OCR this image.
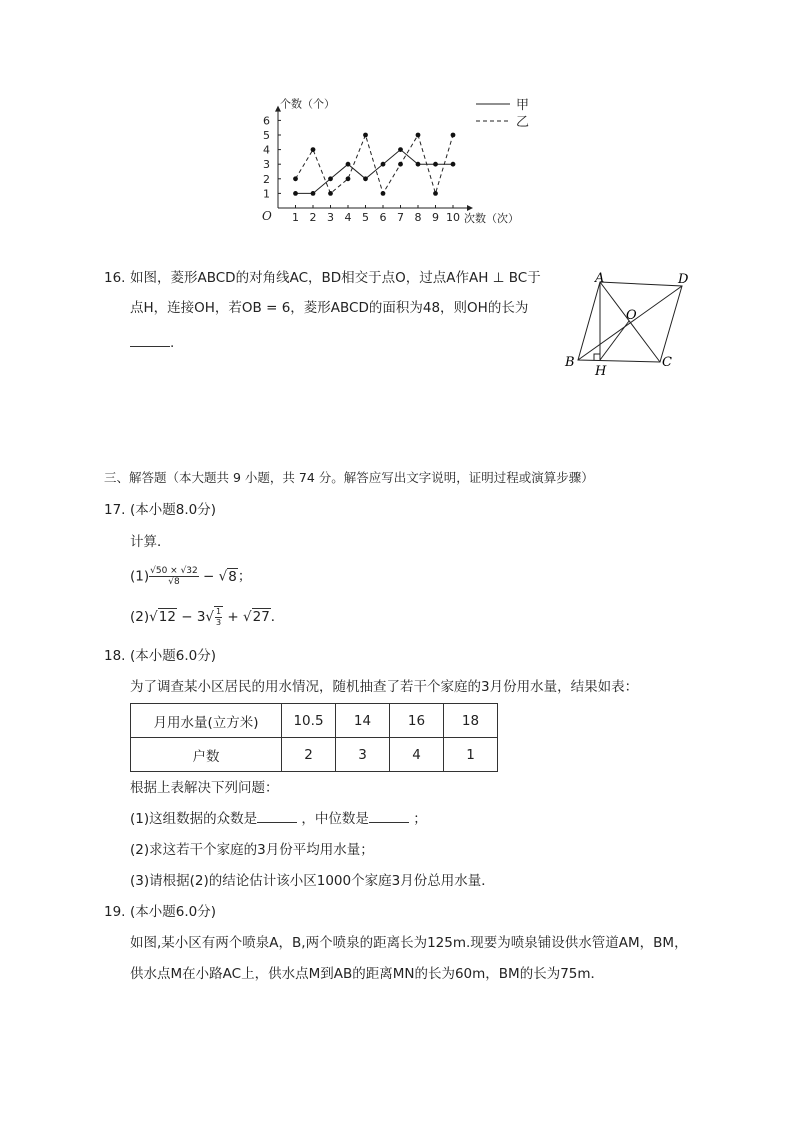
O
个数（个）
次数（次）
1 2 3 4 5 6 7 8 9 10
1
2
3
4
5
6
甲
乙
16. 如图，菱形ABCD的对角线AC，BD相交于点O，过点A作AH ⊥ BC于
点H，连接OH，若OB = 6，菱形ABCD的面积为48，则OH的长为
.
A	D
O
B
H
C
三、解答题（本大题共 9 小题，共 74 分。解答应写出文字说明，证明过程或演算步骤）
17. (本小题8.0分)
计算．
$(1) \frac{√50 \times √32}{√8} - √8$；
$(2)√12 - 3√ \frac{1}{3} + √27$．
18. (本小题6.0分)
为了调查某小区居民的用水情况，随机抽查了若干个家庭的3月份用水量，结果如表：
月用水量(立方米)	10.5	14	16	18
户数	2	3	4	1
根据上表解决下列问题：
(1)这组数据的众数是	，中位数是	；
(2)求这若干个家庭的3月份平均用水量；
(3)请根据(2)的结论估计该小区1000个家庭3月份总用水量．
19. (本小题6.0分)
如图,某小区有两个喷泉A，B,两个喷泉的距离长为125m.现要为喷泉铺设供水管道AM，BM，
供水点M在小路AC上，供水点M到AB的距离MN的长为60m，BM的长为75m．
